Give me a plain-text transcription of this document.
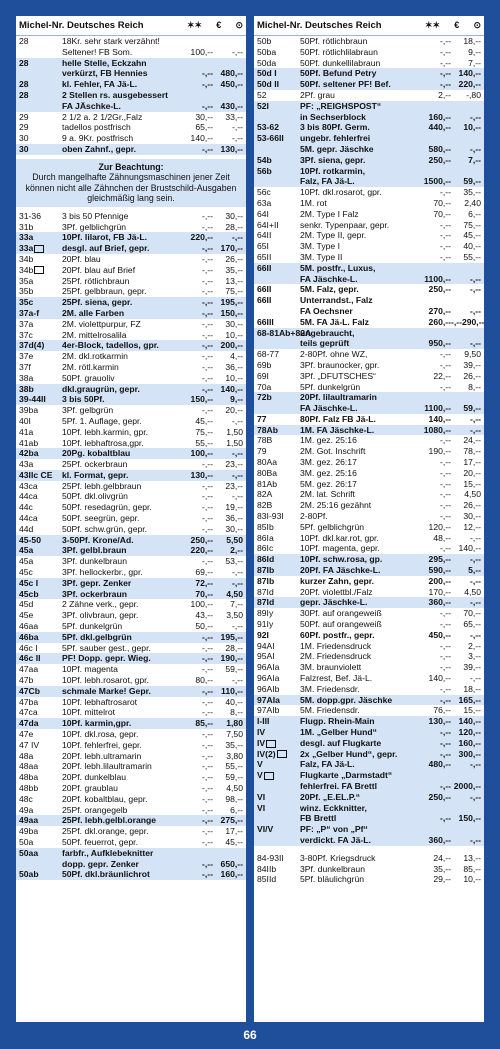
Michel-Nr. Deutsches Reich	✶✶ € ⊙
28	18Kr. sehr stark verzähnt!
Seltener! FB Som.	100,--	-,--
28	helle Stelle, Eckzahn
verkürzt, FB Hennies	-,-- 480,--
28	kl. Fehler, FA Jä-L.	-,-- 450,--
28	2 Stellen rs. ausgebessert
FA JÄschke-L.	-,-- 430,--
29	2 1/2 a. 2 1/2Gr.,Falz	30,--	33,--
29	tadellos postfrisch	65,--	-,--
30	9 a. 9Kr. postfrisch	140,--	-,--
30	oben Zahnf., gepr.	-,-- 130,--
Zur Beachtung:
Durch mangelhafte Zähnungsmaschinen jener Zeit können nicht alle Zähnchen der Brustschild-Ausgaben gleichmäßig lang sein.
31-36	3 bis 50 Pfennige	-,--	30,--
31b	3Pf. gelblichgrün	-,--	28,--
33a	10Pf. lilarot, FB Jä-L.	220,--	-,--
33a	desgl. auf Brief, gepr.	-,-- 170,--
34b	20Pf. blau	-,--	26,--
34b	20Pf. blau auf Brief	-,--	35,--
35a	25Pf. rötlichbraun	-,--	13,--
35b	25Pf. gelbbraun, gepr.	-,--	75,--
35c	25Pf. siena, gepr.	-,-- 195,--
37a-f	2M. alle Farben	-,-- 150,--
37a	2M. violettpurpur, FZ	-,--	30,--
37c	2M. mittelrosalila	-,--	10,--
37d(4)	4er-Block, tadellos, gpr.	-,-- 200,--
37e	2M. dkl.rotkarmin	-,--	4,--
37f	2M. rötl.karmin	-,--	36,--
38a	50Pf. grauoliv	-,--	10,--
38b	dkl.graugrün, gepr.	-,-- 140,--
39-44II	3 bis 50Pf.	150,--	9,--
39ba	3Pf. gelbgrün	-,--	20,--
40I	5Pf. 1. Auflage, gepr.	45,--	-,--
41a	10Pf. lebh.karmin, gpr.	75,--	1,50
41ab	10Pf. lebhaftrosa,gpr.	55,--	1,50
42ba	20Pg. kobaltblau	100,--	-,--
43a	25Pf. ockerbraun	-,--	23,--
43IIc CE	kl. Format, gepr.	130,--	-,--
43ca	25Pf. lebh.gelbbraun	-,--	23,--
44ca	50Pf. dkl.olivgrün	-,--	-,--
44c	50Pf. resedagrün, gepr.	-,--	19,--
44ca	50Pf. seegrün, gepr.	-,--	36,--
44d	50Pf. schw.grün, gepr.	-,--	30,--
45-50	3-50Pf. Krone/Ad.	250,--	5,50
45a	3Pf. gelbl.braun	220,--	2,--
45a	3Pf. dunkelbraun	-,--	53,--
45c	3Pf. hellockerbr., gpr.	69,--	-,--
45c I	3Pf. gepr. Zenker	72,--	-,--
45cb	3Pf. ockerbraun	70,--	4,50
45d	2 Zähne verk., gepr.	100,--	7,--
45e	3Pf. olivbraun, gepr.	43,--	3,50
46aa	5Pf. dunkelgrün	50,--	-,--
46ba	5Pf. dkl.gelbgrün	-,-- 195,--
46c I	5Pf. sauber gest., gepr.	-,--	28,--
46c II	PF! Dopp. gepr. Wieg.	-,-- 190,--
47aa	10Pf. magenta	-,--	59,--
47b	10Pf. lebh.rosarot, gpr.	80,--	-,--
47Cb	schmale Marke! Gepr.	-,-- 110,--
47ba	10Pf. lebhaftrosarot	-,--	40,--
47ca	10Pf. mittelrot	-,--	8,--
47da	10Pf. karmin,gpr.	85,--	1,80
47e	10Pf. dkl.rosa, gepr.	-,--	7,50
47 IV	10Pf. fehlerfrei, gepr.	-,--	35,--
48a	20Pf. lebh.ultramarin	-,--	3,80
48aa	20Pf. lebh.lilaultramarin	-,--	55,--
48ba	20Pf. dunkelblau	-,--	59,--
48bb	20Pf. graublau	-,--	4,50
48c	20Pf. kobaltblau, gepr.	-,--	98,--
49a	25Pf. orangegelb	-,--	6,--
49aa	25Pf. lebh.gelbl.orange	-,-- 275,--
49ba	25Pf. dkl.orange, gepr.	-,--	17,--
50a	50Pf. feuerrot, gepr.	-,--	45,--
50aa	farbfr., Aufklebeknitter
dopp. gepr. Zenker	-,-- 650,--
50ab	50Pf. dkl.bräunlichrot	-,-- 160,--
Michel-Nr. Deutsches Reich	✶✶ € ⊙
50b	50Pf. rötlichbraun	-,--	18,--
50ba	50Pf. rötlichlilabraun	-,--	9,--
50da	50Pf. dunkellilabraun	-,--	7,--
50d I	50Pf. Befund Petry	-,-- 140,--
50d II	50Pf. seltener PF! Bef.	-,-- 220,--
52	2Pf. grau	2,--	-,80
52I	PF: „REIGHSPOST“
in Sechserblock	160,--	-,--
53-62	3 bis 80Pf. Germ.	440,--	10,--
53-66II	ungebr. fehlerfrei
5M. gepr. Jäschke	580,--	-,--
54b	3Pf. siena, gepr.	250,--	7,--
56b	10Pf. rotkarmin,
Falz, FA Jä-L.	1500,--	59,--
56c	10Pf. dkl.rosarot, gpr.	-,--	35,--
63a	1M. rot	70,--	2,40
64I	2M. Type I Falz	70,--	6,--
64I+II	senkr. Typenpaar, gepr.	-,--	75,--
64II	2M. Type II, gepr.	-,--	45,--
65I	3M. Type I	-,--	40,--
65II	3M. Type II	-,--	55,--
66II	5M. postfr., Luxus,
FA Jäschke-L.	1100,--	-,--
66II	5M. Falz, gepr.	250,--	-,--
66II	Unterrandst., Falz
FA Oechsner	270,--	-,--
66III	5M. FA Jä-L. Falz	260,-- -,--290,--
68-81Ab+82A
ungebraucht,
teils geprüft	950,--	-,--
68-77	2-80Pf. ohne WZ,	-,--	9,50
69b	3Pf. braunocker, gpr.	-,--	39,--
69I	3Pf. „DFUTSCHES“	22,--	26,--
70a	5Pf. dunkelgrün	-,--	8,--
72b	20Pf. lilaultramarin
FA Jäschke-L.	1100,--	59,--
77	80Pf. Falz FB Jä-L.	140,--	-,--
78Ab	1M. FA Jäschke-L.	1080,--	-,--
78B	1M. gez. 25:16	-,--	24,--
79	2M. Got. Inschrift	190,--	78,--
80Aa	3M. gez. 26:17	-,--	17,--
80Ba	3M. gez. 25:16	-,--	20,--
81Ab	5M. gez. 26:17	-,--	15,--
82A	2M. lat. Schrift	-,--	4,50
82B	2M. 25:16 gezähnt	-,--	26,--
83I-93I	2-80Pf.	-,--	30,--
85Ib	5Pf. gelblichgrün	120,--	12,--
86Ia	10Pf. dkl.kar.rot, gpr.	48,--	-,--
86Ic	10Pf. magenta, gepr.	-,-- 140,--
86Id	10Pf. schw.rosa, gp.	295,--	-,--
87Ib	20Pf. FA Jäschke-L.	590,--	5,--
87Ib	kurzer Zahn, gepr.	200,--	-,--
87Id	20Pf. violettbl./Falz	170,--	4,50
87Id	gepr. Jäschke-L.	360,--	-,--
89Iy	30Pf. auf orangeweiß	-,--	70,--
91Iy	50Pf. auf orangeweiß	-,--	65,--
92I	60Pf. postfr., gepr.	450,--	-,--
94AI	1M. Friedensdruck	-,--	2,--
95AI	2M. Friedensdruck	-,--	3,--
96AIa	3M. braunviolett	-,--	39,--
96AIa	Falzrest, Bef. Jä-L.	140,--	-,--
96AIb	3M. Friedensdr.	-,--	18,--
97AIa	5M. dopp.gpr. Jäschke	-,-- 165,--
97AIb	5M. Friedensdr.	76,--	15,--
I-III	Flugp. Rhein-Main	130,-- 140,--
IV	1M. „Gelber Hund“	-,-- 120,--
IV	desgl. auf Flugkarte	-,-- 160,--
IV(2)	2x „Gelber Hund“, gepr.	-,-- 300,--
V	Falz, FA Jä-L.	480,--	-,--
V	Flugkarte „Darmstadt“
fehlerfrei. FA Brettl	-,-- 2000,--
VI	20Pf. „E.EL.P.“	250,--	-,--
VI	winz. Eckknitter,
FB Brettl	-,-- 150,--
VI/V	PF: „P“ von „Pf“
verdickt. FA Jä-L.	360,--	-,--
84-93II	3-80Pf. Kriegsdruck	24,--	13,--
84IIb	3Pf. dunkelbraun	35,--	85,--
85IId	5Pf. bläulichgrün	29,--	10,--
66
